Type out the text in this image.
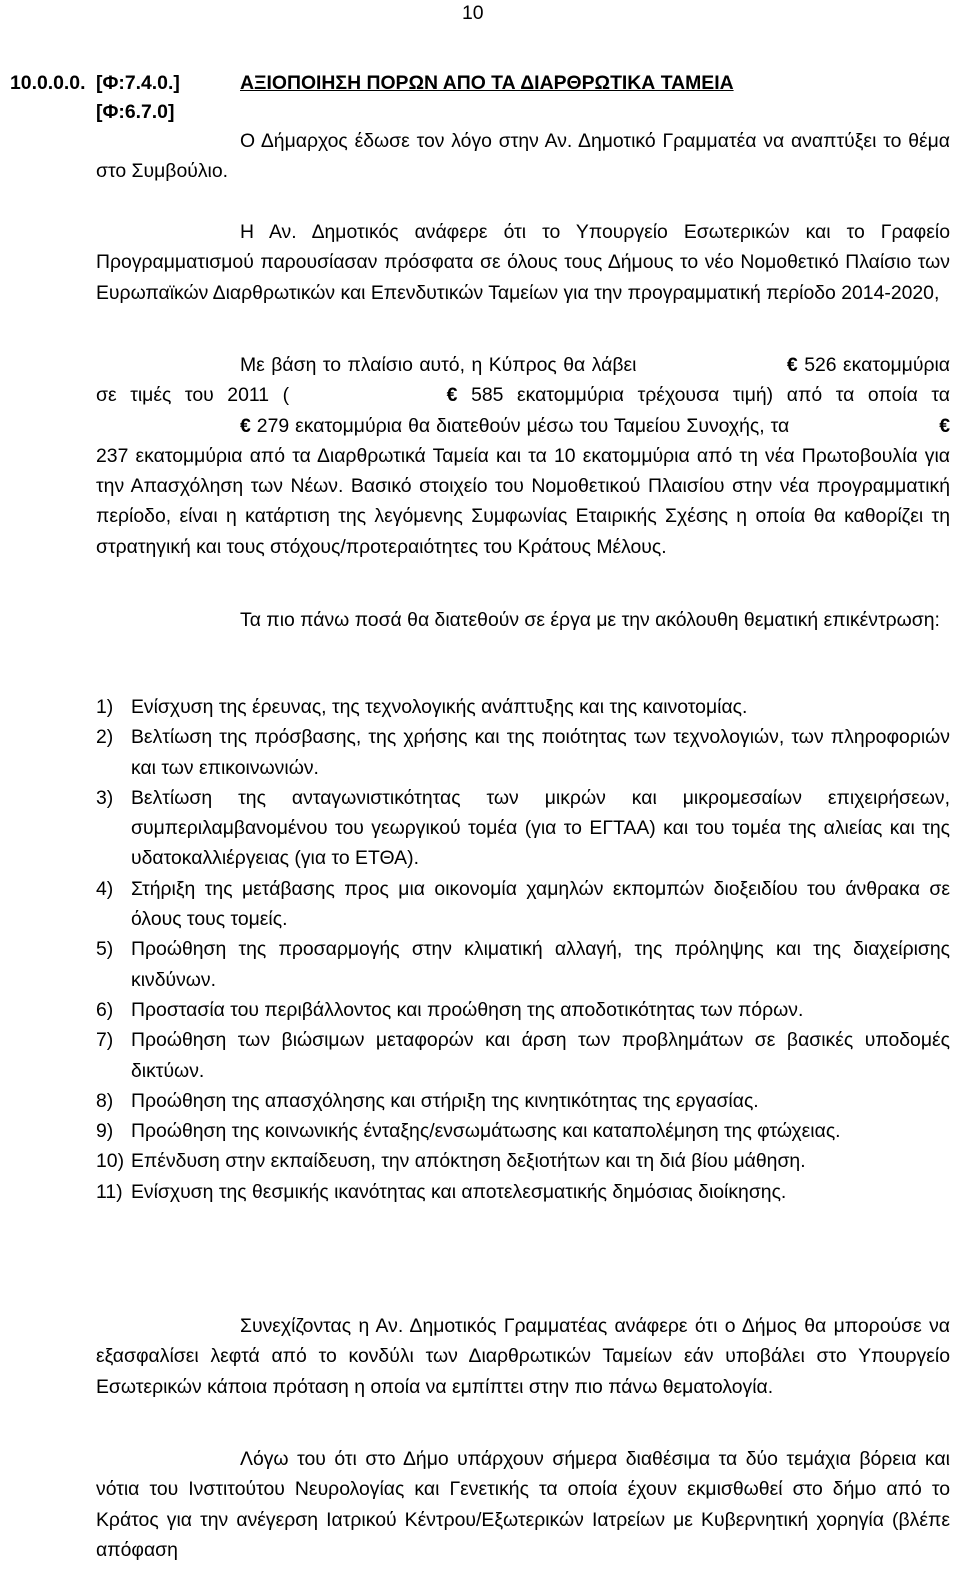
10
10.0.0.0. [Φ:7.4.0.]
[Φ:6.7.0]
ΑΞΙΟΠΟΙΗΣΗ ΠΟΡΩΝ ΑΠΟ ΤΑ ΔΙΑΡΘΡΩΤΙΚΑ ΤΑΜΕΙΑ

Ο Δήμαρχος έδωσε τον λόγο στην Αν. Δημοτικό Γραμματέα να αναπτύξει το θέμα στο Συμβούλιο.

Η Αν. Δημοτικός ανάφερε ότι το Υπουργείο Εσωτερικών και το Γραφείο Προγραμματισμού παρουσίασαν πρόσφατα σε όλους τους Δήμους το νέο Νομοθετικό Πλαίσιο των Ευρωπαϊκών Διαρθρωτικών και Επενδυτικών Ταμείων για την προγραμματική περίοδο 2014-2020,

Με βάση το πλαίσιο αυτό, η Κύπρος θα λάβει	€ 526 εκατομμύρια σε τιμές του 2011 (	€ 585 εκατομμύρια τρέχουσα τιμή) από τα οποία τα € 279 εκατομμύρια θα διατεθούν μέσω του Ταμείου Συνοχής, τα	€ 237 εκατομμύρια από τα Διαρθρωτικά Ταμεία και τα 10 εκατομμύρια από τη νέα Πρωτοβουλία για την Απασχόληση των Νέων. Βασικό στοιχείο του Νομοθετικού Πλαισίου στην νέα προγραμματική περίοδο, είναι η κατάρτιση της λεγόμενης Συμφωνίας Εταιρικής Σχέσης η οποία θα καθορίζει τη στρατηγική και τους στόχους/προτεραιότητες του Κράτους Μέλους.

Τα πιο πάνω ποσά θα διατεθούν σε έργα με την ακόλουθη θεματική επικέντρωση:

1) Ενίσχυση της έρευνας, της τεχνολογικής ανάπτυξης και της καινοτομίας.
2) Βελτίωση της πρόσβασης, της χρήσης και της ποιότητας των τεχνολογιών, των πληροφοριών και των επικοινωνιών.
3) Βελτίωση της ανταγωνιστικότητας των μικρών και μικρομεσαίων επιχειρήσεων, συμπεριλαμβανομένου του γεωργικού τομέα (για το ΕΓΤΑΑ) και του τομέα της αλιείας και της υδατοκαλλιέργειας (για το ΕΤΘΑ).
4) Στήριξη της μετάβασης προς μια οικονομία χαμηλών εκπομπών διοξειδίου του άνθρακα σε όλους τους τομείς.
5) Προώθηση της προσαρμογής στην κλιματική αλλαγή, της πρόληψης και της διαχείρισης κινδύνων.
6) Προστασία του περιβάλλοντος και προώθηση της αποδοτικότητας των πόρων.
7) Προώθηση των βιώσιμων μεταφορών και άρση των προβλημάτων σε βασικές υποδομές δικτύων.
8) Προώθηση της απασχόλησης και στήριξη της κινητικότητας της εργασίας.
9) Προώθηση της κοινωνικής ένταξης/ενσωμάτωσης και καταπολέμηση της φτώχειας.
10) Επένδυση στην εκπαίδευση, την απόκτηση δεξιοτήτων και τη διά βίου μάθηση.
11) Ενίσχυση της θεσμικής ικανότητας και αποτελεσματικής δημόσιας διοίκησης.

Συνεχίζοντας η Αν. Δημοτικός Γραμματέας ανάφερε ότι ο Δήμος θα μπορούσε να εξασφαλίσει λεφτά από το κονδύλι των Διαρθρωτικών Ταμείων εάν υποβάλει στο Υπουργείο Εσωτερικών κάποια πρόταση η οποία να εμπίπτει στην πιο πάνω θεματολογία.

Λόγω του ότι στο Δήμο υπάρχουν σήμερα διαθέσιμα τα δύο τεμάχια βόρεια και νότια του Ινστιτούτου Νευρολογίας και Γενετικής τα οποία έχουν εκμισθωθεί στο δήμο από το Κράτος για την ανέγερση Ιατρικού Κέντρου/Εξωτερικών Ιατρείων με Κυβερνητική χορηγία (βλέπε απόφαση
